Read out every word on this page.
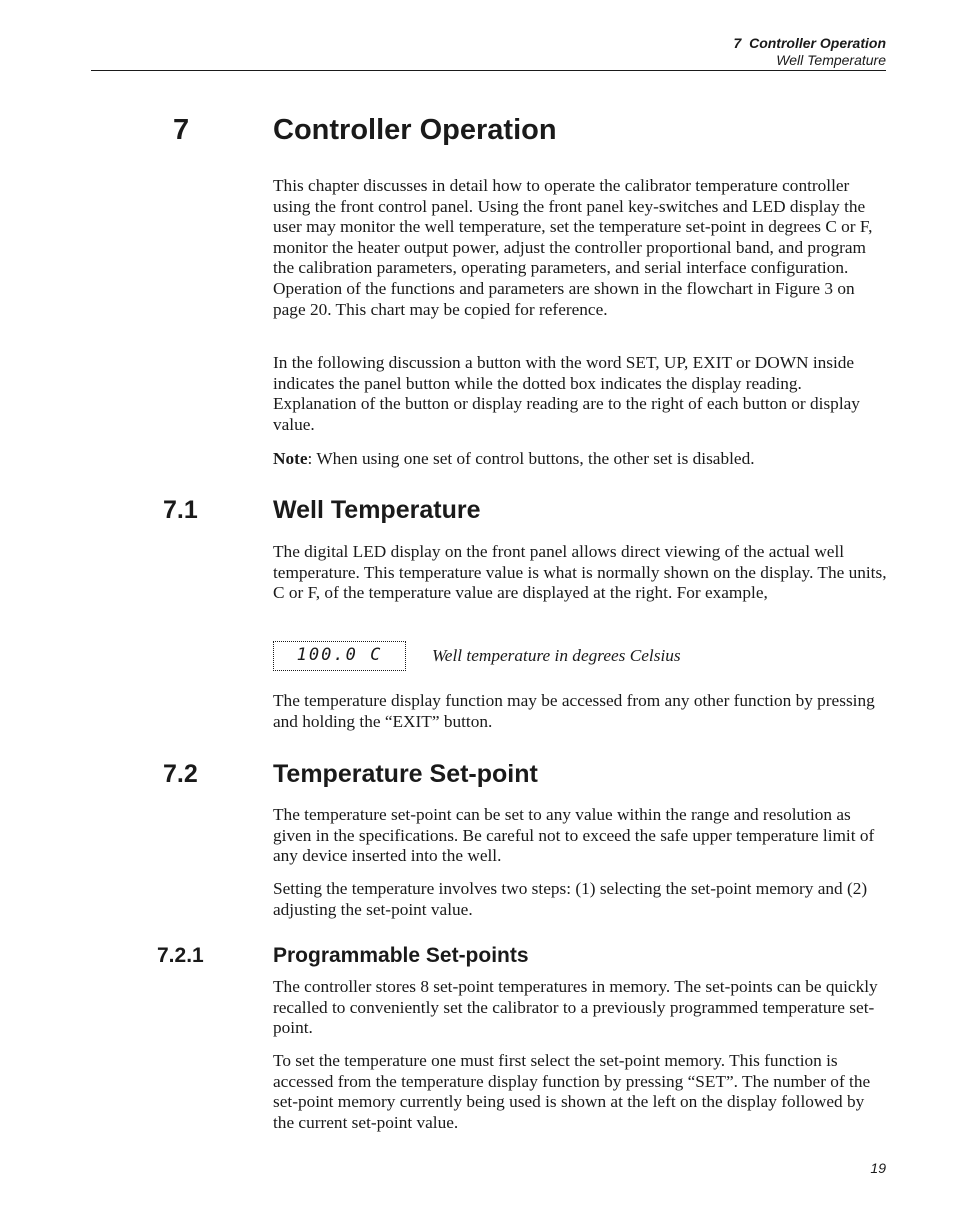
7  Controller Operation
Well Temperature
7	Controller Operation
This chapter discusses in detail how to operate the calibrator temperature controller using the front control panel. Using the front panel key-switches and LED display the user may monitor the well temperature, set the temperature set-point in degrees C or F, monitor the heater output power, adjust the controller proportional band, and program the calibration parameters, operating parameters, and serial interface configuration. Operation of the functions and parameters are shown in the flowchart in Figure 3 on page 20. This chart may be copied for reference.
In the following discussion a button with the word SET, UP, EXIT or DOWN inside indicates the panel button while the dotted box indicates the display reading. Explanation of the button or display reading are to the right of each button or display value.
Note: When using one set of control buttons, the other set is disabled.
7.1	Well Temperature
The digital LED display on the front panel allows direct viewing of the actual well temperature. This temperature value is what is normally shown on the display. The units, C or F, of the temperature value are displayed at the right. For example,
100.0 C	Well temperature in degrees Celsius
The temperature display function may be accessed from any other function by pressing and holding the “EXIT” button.
7.2	Temperature Set-point
The temperature set-point can be set to any value within the range and resolution as given in the specifications. Be careful not to exceed the safe upper temperature limit of any device inserted into the well.
Setting the temperature involves two steps: (1) selecting the set-point memory and (2) adjusting the set-point value.
7.2.1	Programmable Set-points
The controller stores 8 set-point temperatures in memory. The set-points can be quickly recalled to conveniently set the calibrator to a previously programmed temperature set-point.
To set the temperature one must first select the set-point memory. This function is accessed from the temperature display function by pressing “SET”. The number of the set-point memory currently being used is shown at the left on the display followed by the current set-point value.
19
